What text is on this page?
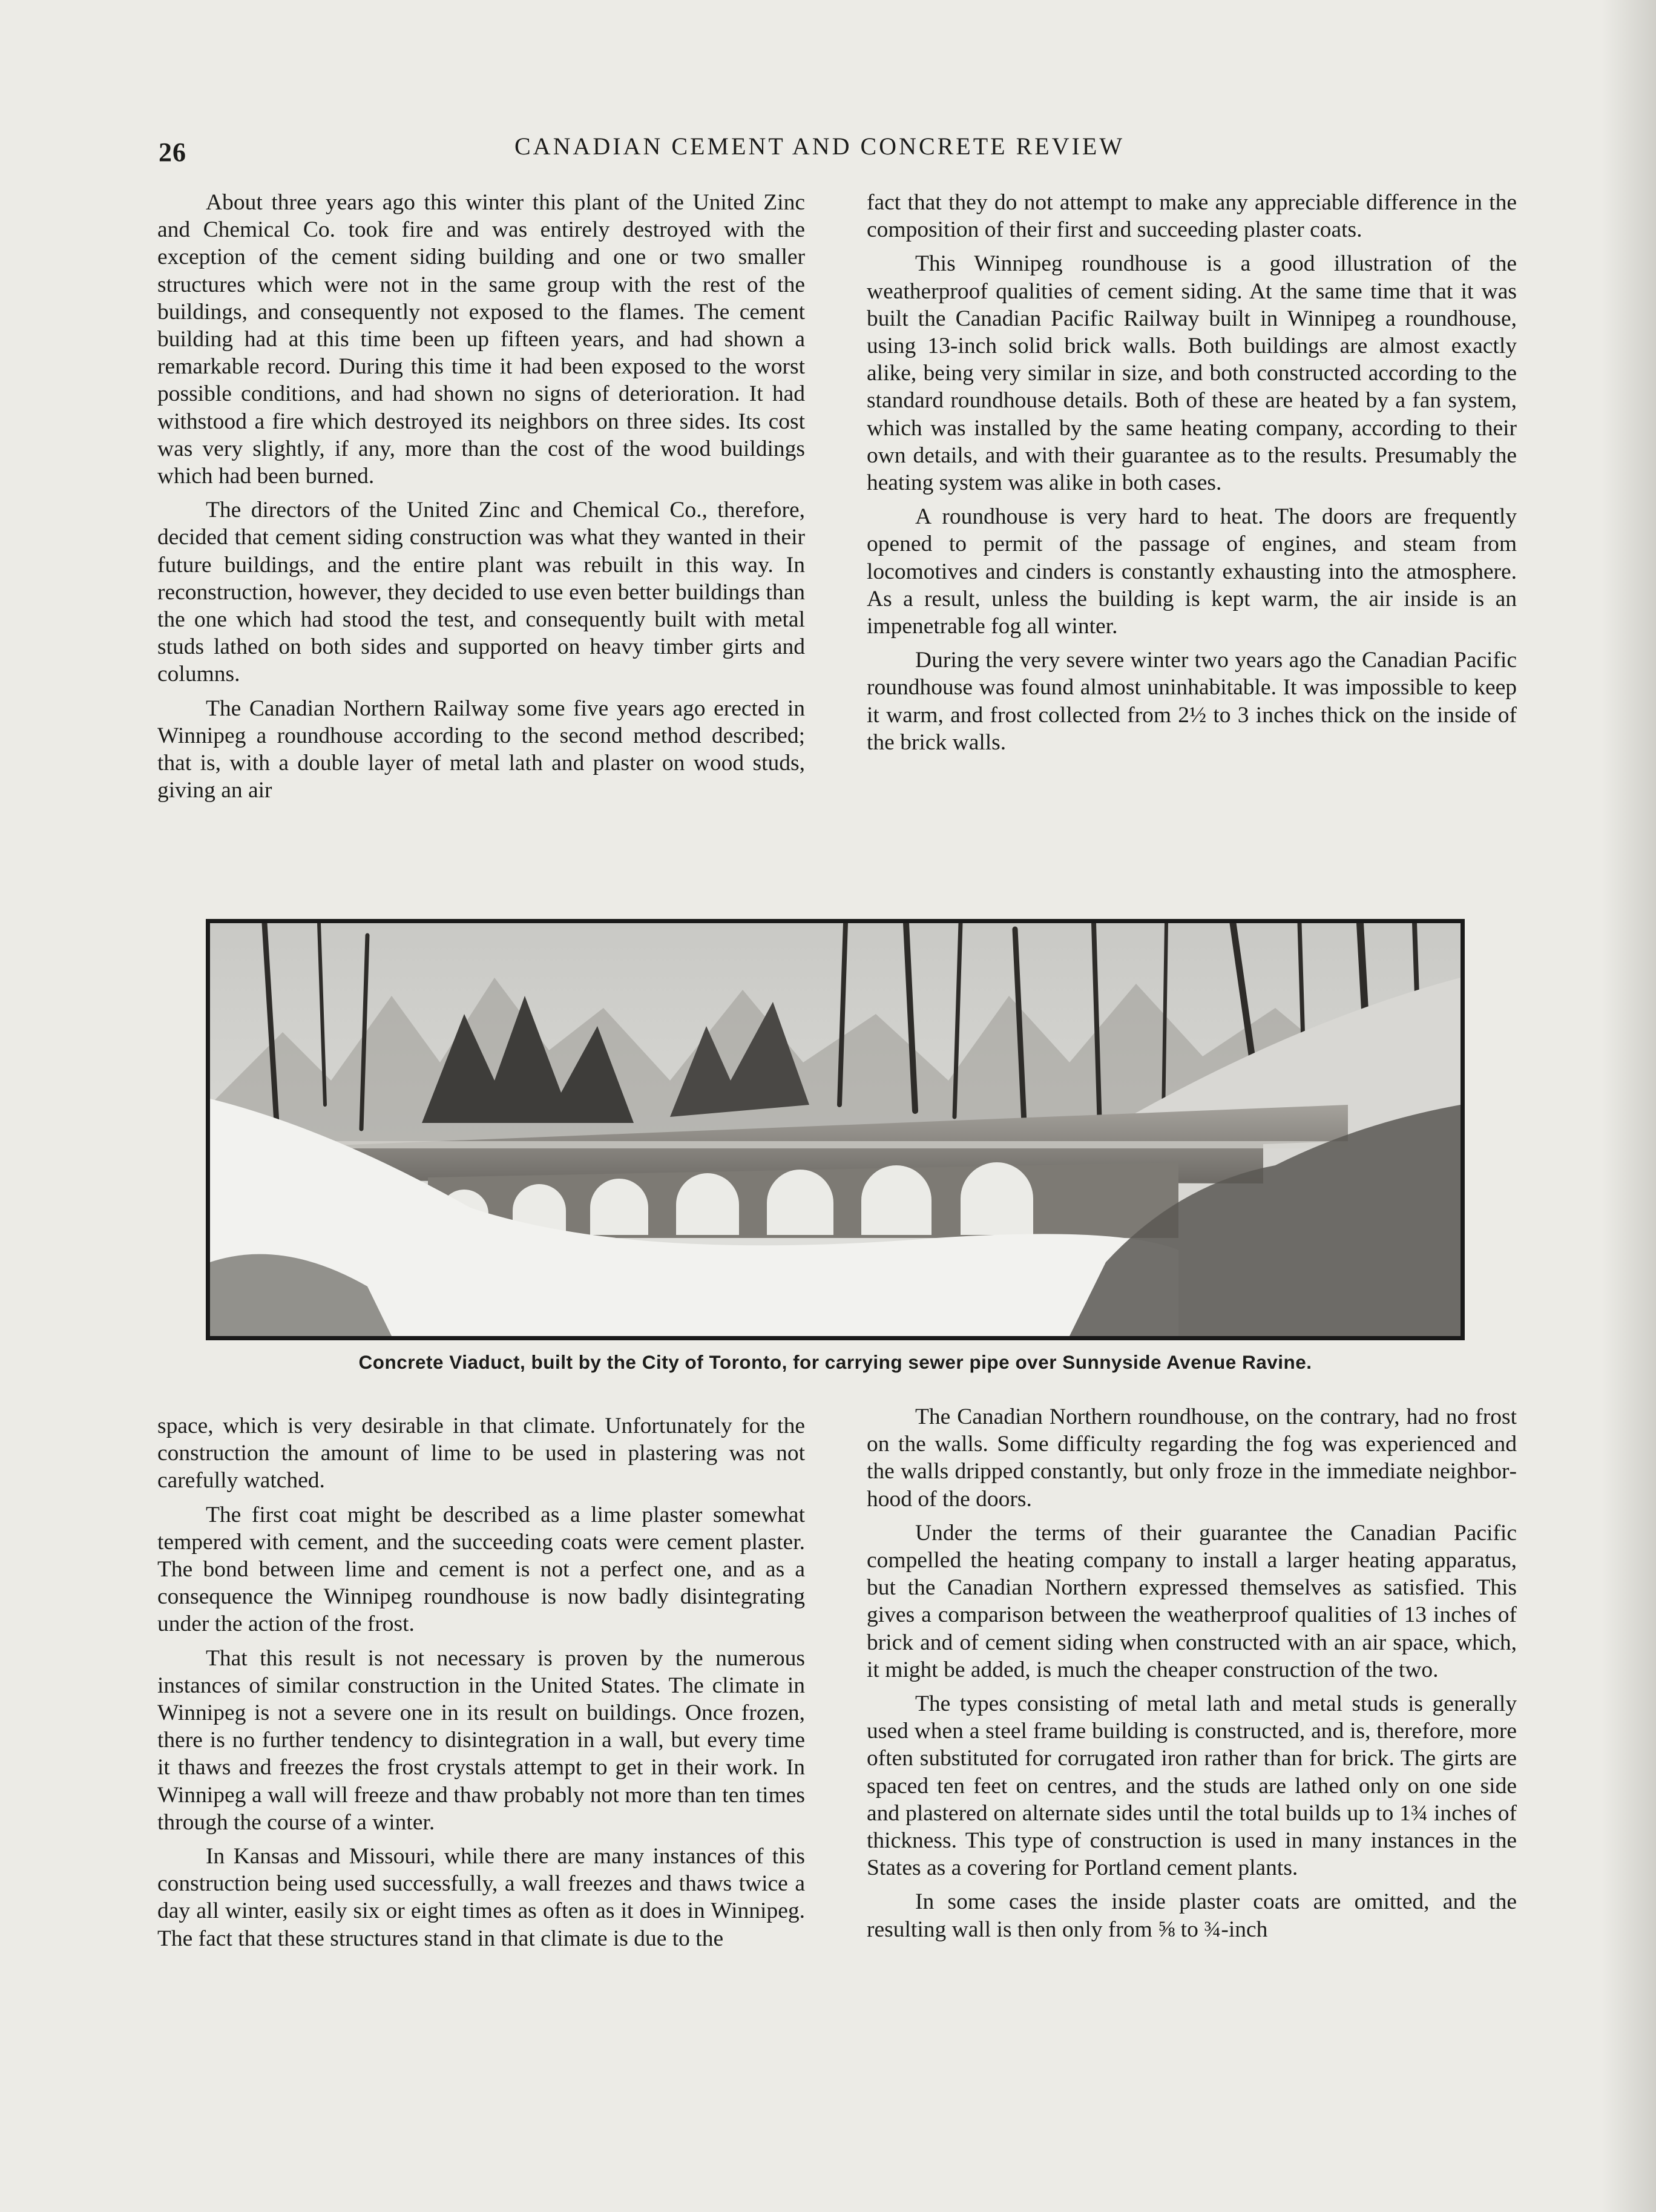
26	CANADIAN CEMENT AND CONCRETE REVIEW

About three years ago this winter this plant of the United Zinc and Chemical Co. took fire and was entirely destroyed with the exception of the cement siding building and one or two smaller structures which were not in the same group with the rest of the buildings, and consequently not exposed to the flames. The cement building had at this time been up fifteen years, and had shown a remarkable record. During this time it had been exposed to the worst possible conditions, and had shown no signs of deterioration. It had withstood a fire which destroyed its neighbors on three sides. Its cost was very slightly, if any, more than the cost of the wood buildings which had been burned.

The directors of the United Zinc and Chemical Co., therefore, decided that cement siding construction was what they wanted in their future buildings, and the entire plant was rebuilt in this way. In reconstruction, however, they decided to use even better buildings than the one which had stood the test, and consequently built with metal studs lathed on both sides and supported on heavy timber girts and columns.

The Canadian Northern Railway some five years ago erected in Winnipeg a roundhouse according to the second method described; that is, with a double layer of metal lath and plaster on wood studs, giving an air

fact that they do not attempt to make any appreciable difference in the composition of their first and succeeding plaster coats.

This Winnipeg roundhouse is a good illustration of the weatherproof qualities of cement siding. At the same time that it was built the Canadian Pacific Railway built in Winnipeg a roundhouse, using 13-inch solid brick walls. Both buildings are almost exactly alike, being very similar in size, and both constructed according to the standard roundhouse details. Both of these are heated by a fan system, which was installed by the same heating company, according to their own details, and with their guarantee as to the results. Presumably the heating system was alike in both cases.

A roundhouse is very hard to heat. The doors are frequently opened to permit of the passage of engines, and steam from locomotives and cinders is constantly exhausting into the atmosphere. As a result, unless the building is kept warm, the air inside is an impenetrable fog all winter.

During the very severe winter two years ago the Canadian Pacific roundhouse was found almost uninhabitable. It was impossible to keep it warm, and frost collected from 2½ to 3 inches thick on the inside of the brick walls.

Concrete Viaduct, built by the City of Toronto, for carrying sewer pipe over Sunnyside Avenue Ravine.

space, which is very desirable in that climate. Unfortunately for the construction the amount of lime to be used in plastering was not carefully watched.

The first coat might be described as a lime plaster somewhat tempered with cement, and the succeeding coats were cement plaster. The bond between lime and cement is not a perfect one, and as a consequence the Winnipeg roundhouse is now badly disintegrating under the action of the frost.

That this result is not necessary is proven by the numerous instances of similar construction in the United States. The climate in Winnipeg is not a severe one in its result on buildings. Once frozen, there is no further tendency to disintegration in a wall, but every time it thaws and freezes the frost crystals attempt to get in their work. In Winnipeg a wall will freeze and thaw probably not more than ten times through the course of a winter.

In Kansas and Missouri, while there are many instances of this construction being used successfully, a wall freezes and thaws twice a day all winter, easily six or eight times as often as it does in Winnipeg. The fact that these structures stand in that climate is due to the

The Canadian Northern roundhouse, on the contrary, had no frost on the walls. Some difficulty regarding the fog was experienced and the walls dripped constantly, but only froze in the immediate neighborhood of the doors.

Under the terms of their guarantee the Canadian Pacific compelled the heating company to install a larger heating apparatus, but the Canadian Northern expressed themselves as satisfied. This gives a comparison between the weatherproof qualities of 13 inches of brick and of cement siding when constructed with an air space, which, it might be added, is much the cheaper construction of the two.

The types consisting of metal lath and metal studs is generally used when a steel frame building is constructed, and is, therefore, more often substituted for corrugated iron rather than for brick. The girts are spaced ten feet on centres, and the studs are lathed only on one side and plastered on alternate sides until the total builds up to 1¾ inches of thickness. This type of construction is used in many instances in the States as a covering for Portland cement plants.

In some cases the inside plaster coats are omitted, and the resulting wall is then only from ⅝ to ¾-inch
